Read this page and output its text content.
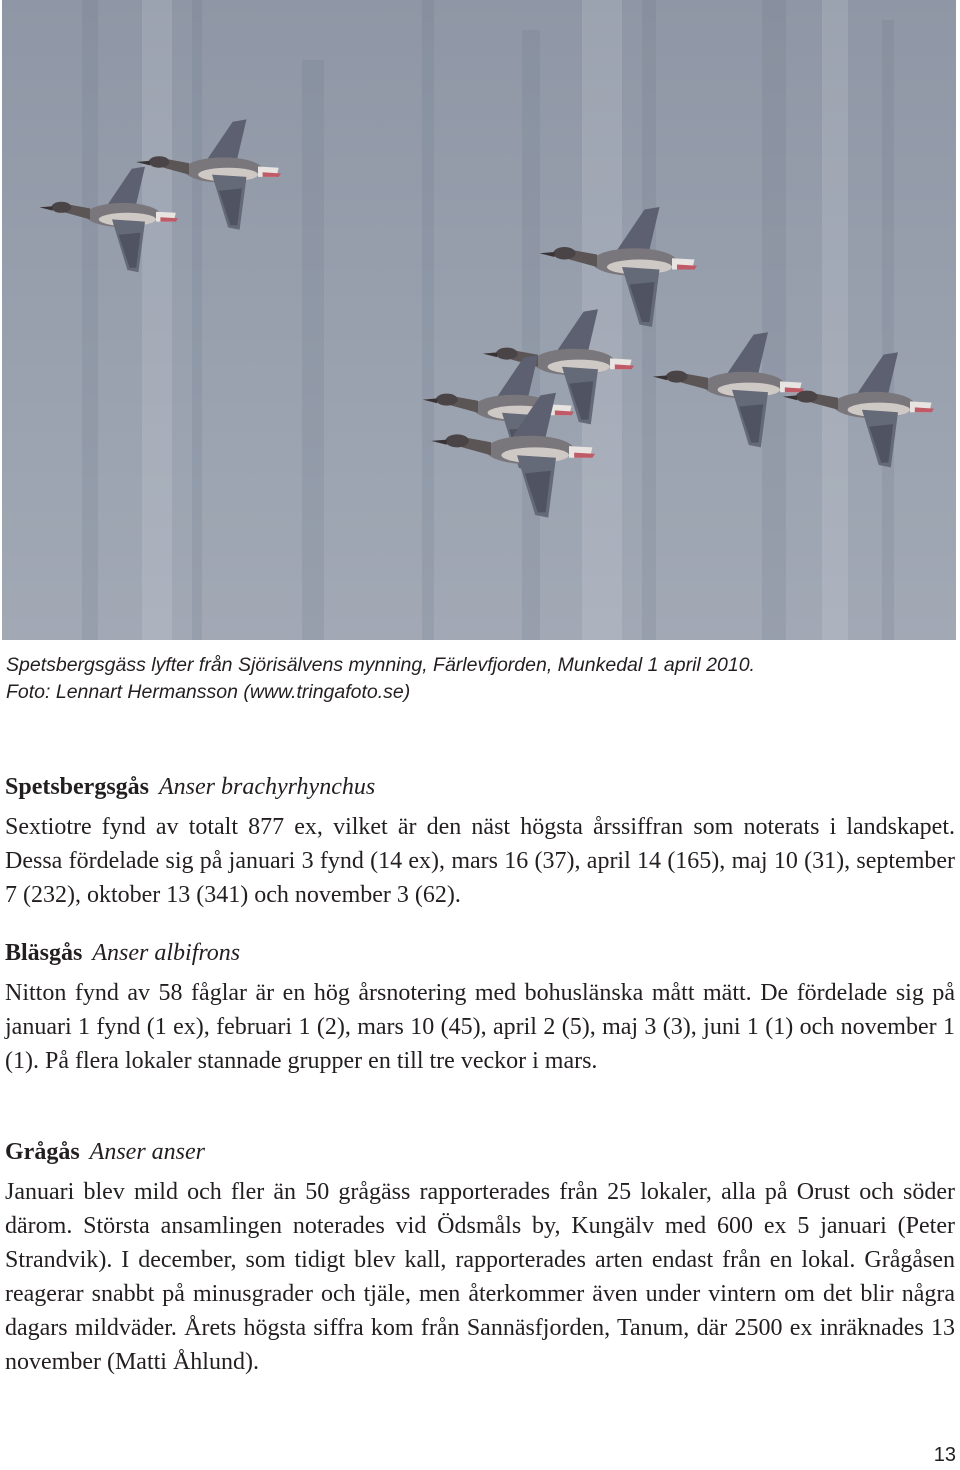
Spetsbergsgäss lyfter från Sjörisälvens mynning, Färlevfjorden, Munkedal 1 april 2010.
Foto: Lennart Hermansson (www.tringafoto.se)
Spetsbergsgås Anser brachyrhynchus

Sextiotre fynd av totalt 877 ex, vilket är den näst högsta årssiffran som noterats i landskapet. Dessa fördelade sig på januari 3 fynd (14 ex), mars 16 (37), april 14 (165), maj 10 (31), september 7 (232), oktober 13 (341) och november 3 (62).

Bläsgås Anser albifrons

Nitton fynd av 58 fåglar är en hög årsnotering med bohuslänska mått mätt. De fördelade sig på januari 1 fynd (1 ex), februari 1 (2), mars 10 (45), april 2 (5), maj 3 (3), juni 1 (1) och november 1 (1). På flera lokaler stannade grupper en till tre veckor i mars.

Grågås Anser anser

Januari blev mild och fler än 50 grågäss rapporterades från 25 lokaler, alla på Orust och söder därom. Största ansamlingen noterades vid Ödsmåls by, Kungälv med 600 ex 5 januari (Peter Strandvik). I december, som tidigt blev kall, rapporterades arten endast från en lokal. Grågåsen reagerar snabbt på minusgrader och tjäle, men återkommer även under vintern om det blir några dagars mildväder. Årets högsta siffra kom från Sannäsfjorden, Tanum, där 2500 ex inräknades 13 november (Matti Åhlund).

13
